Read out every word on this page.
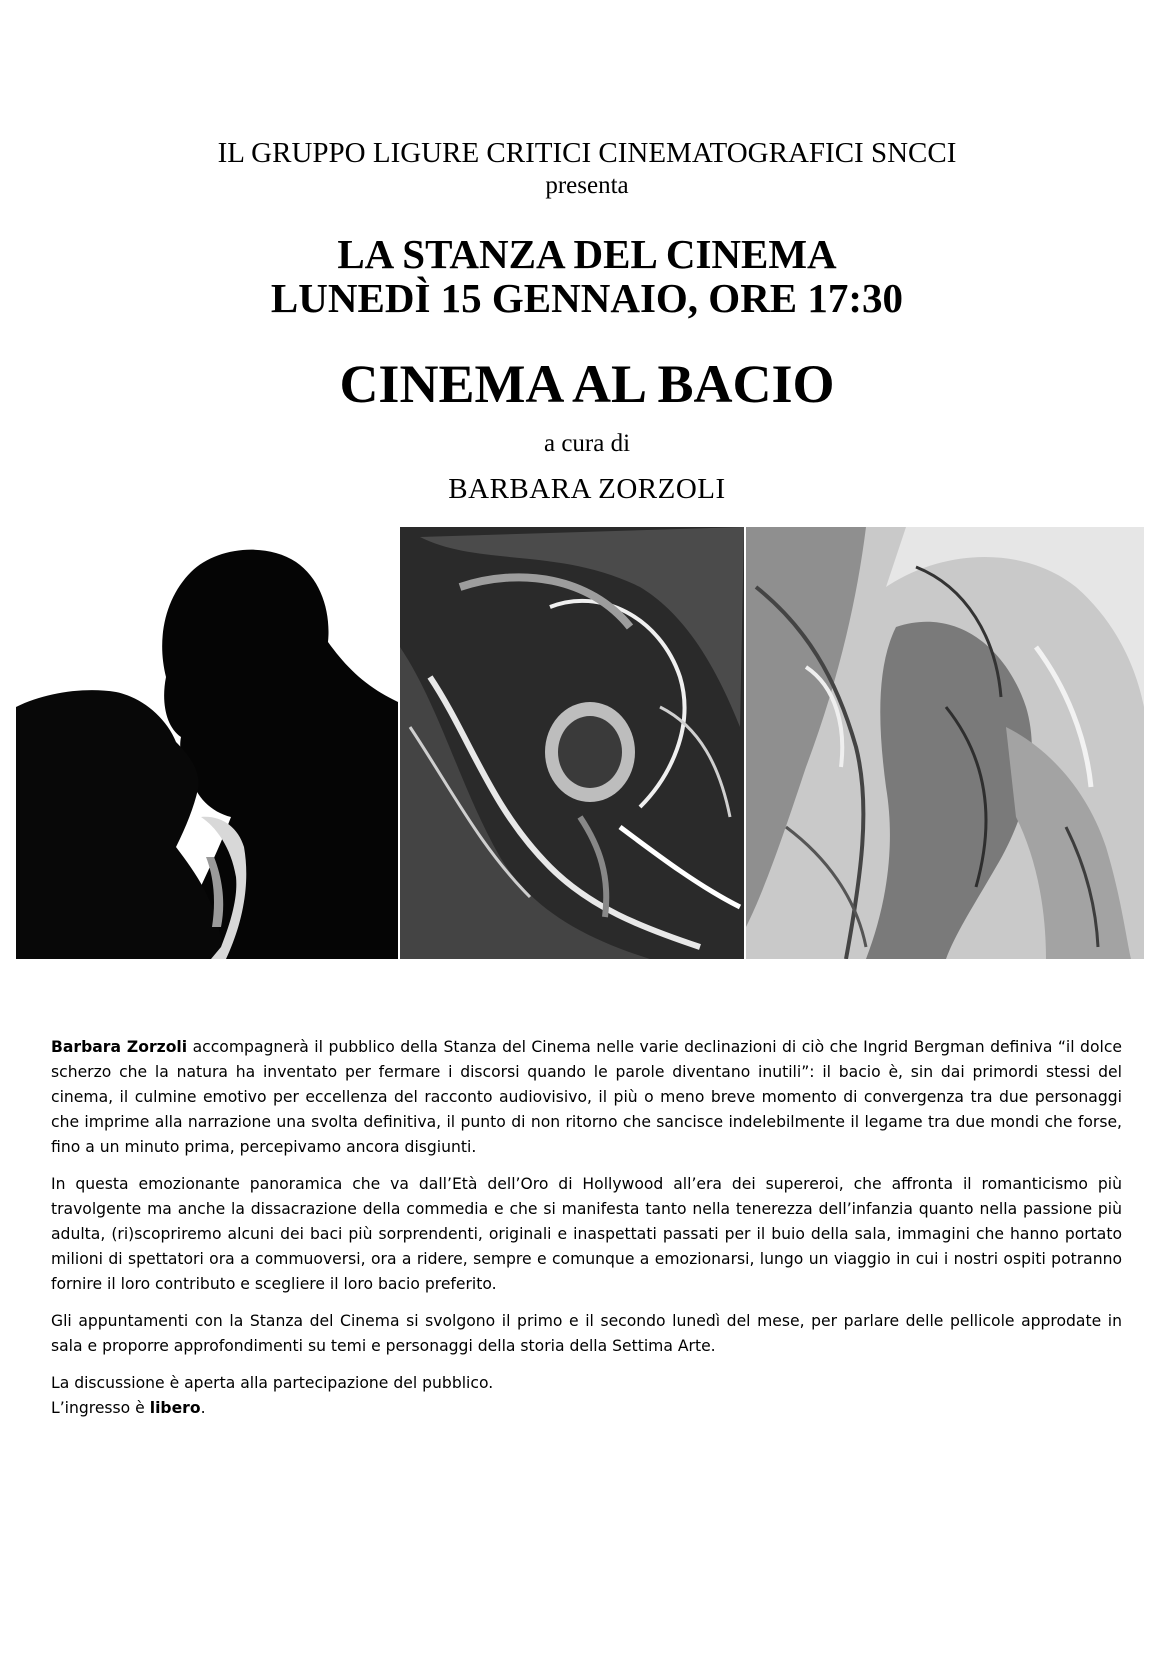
IL GRUPPO LIGURE CRITICI CINEMATOGRAFICI SNCCI
presenta
LA STANZA DEL CINEMA
LUNEDÌ 15 GENNAIO, ORE 17:30
CINEMA AL BACIO
a cura di
BARBARA ZORZOLI

Barbara Zorzoli accompagnerà il pubblico della Stanza del Cinema nelle varie declinazioni di ciò che Ingrid Bergman definiva “il dolce scherzo che la natura ha inventato per fermare i discorsi quando le parole diventano inutili”: il bacio è, sin dai primordi stessi del cinema, il culmine emotivo per eccellenza del racconto audiovisivo, il più o meno breve momento di convergenza tra due personaggi che imprime alla narrazione una svolta definitiva, il punto di non ritorno che sancisce indelebilmente il legame tra due mondi che forse, fino a un minuto prima, percepivamo ancora disgiunti.

In questa emozionante panoramica che va dall’Età dell’Oro di Hollywood all’era dei supereroi, che affronta il romanticismo più travolgente ma anche la dissacrazione della commedia e che si manifesta tanto nella tenerezza dell’infanzia quanto nella passione più adulta, (ri)scopriremo alcuni dei baci più sorprendenti, originali e inaspettati passati per il buio della sala, immagini che hanno portato milioni di spettatori ora a commuoversi, ora a ridere, sempre e comunque a emozionarsi, lungo un viaggio in cui i nostri ospiti potranno fornire il loro contributo e scegliere il loro bacio preferito.

Gli appuntamenti con la Stanza del Cinema si svolgono il primo e il secondo lunedì del mese, per parlare delle pellicole approdate in sala e proporre approfondimenti su temi e personaggi della storia della Settima Arte.

La discussione è aperta alla partecipazione del pubblico.

L’ingresso è libero.
